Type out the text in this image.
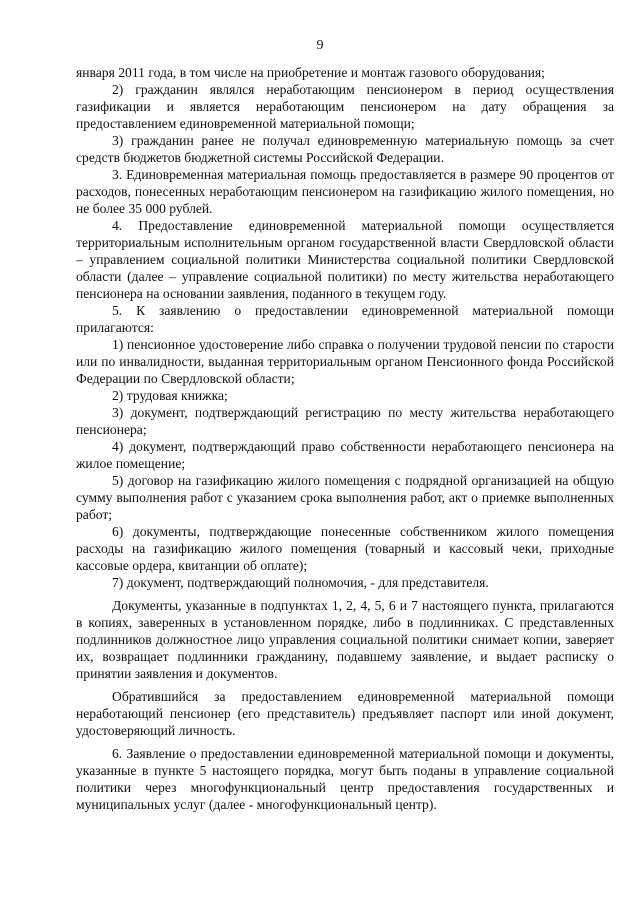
9

января 2011 года, в том числе на приобретение и монтаж газового оборудования;

2) гражданин являлся неработающим пенсионером в период осуществления газификации и является неработающим пенсионером на дату обращения за предоставлением единовременной материальной помощи;

3) гражданин ранее не получал единовременную материальную помощь за счет средств бюджетов бюджетной системы Российской Федерации.

3. Единовременная материальная помощь предоставляется в размере 90 процентов от расходов, понесенных неработающим пенсионером на газификацию жилого помещения, но не более 35 000 рублей.

4. Предоставление единовременной материальной помощи осуществляется территориальным исполнительным органом государственной власти Свердловской области – управлением социальной политики Министерства социальной политики Свердловской области (далее – управление социальной политики) по месту жительства неработающего пенсионера на основании заявления, поданного в текущем году.

5. К заявлению о предоставлении единовременной материальной помощи прилагаются:

1) пенсионное удостоверение либо справка о получении трудовой пенсии по старости или по инвалидности, выданная территориальным органом Пенсионного фонда Российской Федерации по Свердловской области;

2) трудовая книжка;

3) документ, подтверждающий регистрацию по месту жительства неработающего пенсионера;

4) документ, подтверждающий право собственности неработающего пенсионера на жилое помещение;

5) договор на газификацию жилого помещения с подрядной организацией на общую сумму выполнения работ с указанием срока выполнения работ, акт о приемке выполненных работ;

6) документы, подтверждающие понесенные собственником жилого помещения расходы на газификацию жилого помещения (товарный и кассовый чеки, приходные кассовые ордера, квитанции об оплате);

7) документ, подтверждающий полномочия, - для представителя.

Документы, указанные в подпунктах 1, 2, 4, 5, 6 и 7 настоящего пункта, прилагаются в копиях, заверенных в установленном порядке, либо в подлинниках. С представленных подлинников должностное лицо управления социальной политики снимает копии, заверяет их, возвращает подлинники гражданину, подавшему заявление, и выдает расписку о принятии заявления и документов.

Обратившийся за предоставлением единовременной материальной помощи неработающий пенсионер (его представитель) предъявляет паспорт или иной документ, удостоверяющий личность.

6. Заявление о предоставлении единовременной материальной помощи и документы, указанные в пункте 5 настоящего порядка, могут быть поданы в управление социальной политики через многофункциональный центр предоставления государственных и муниципальных услуг (далее - многофункциональный центр).
